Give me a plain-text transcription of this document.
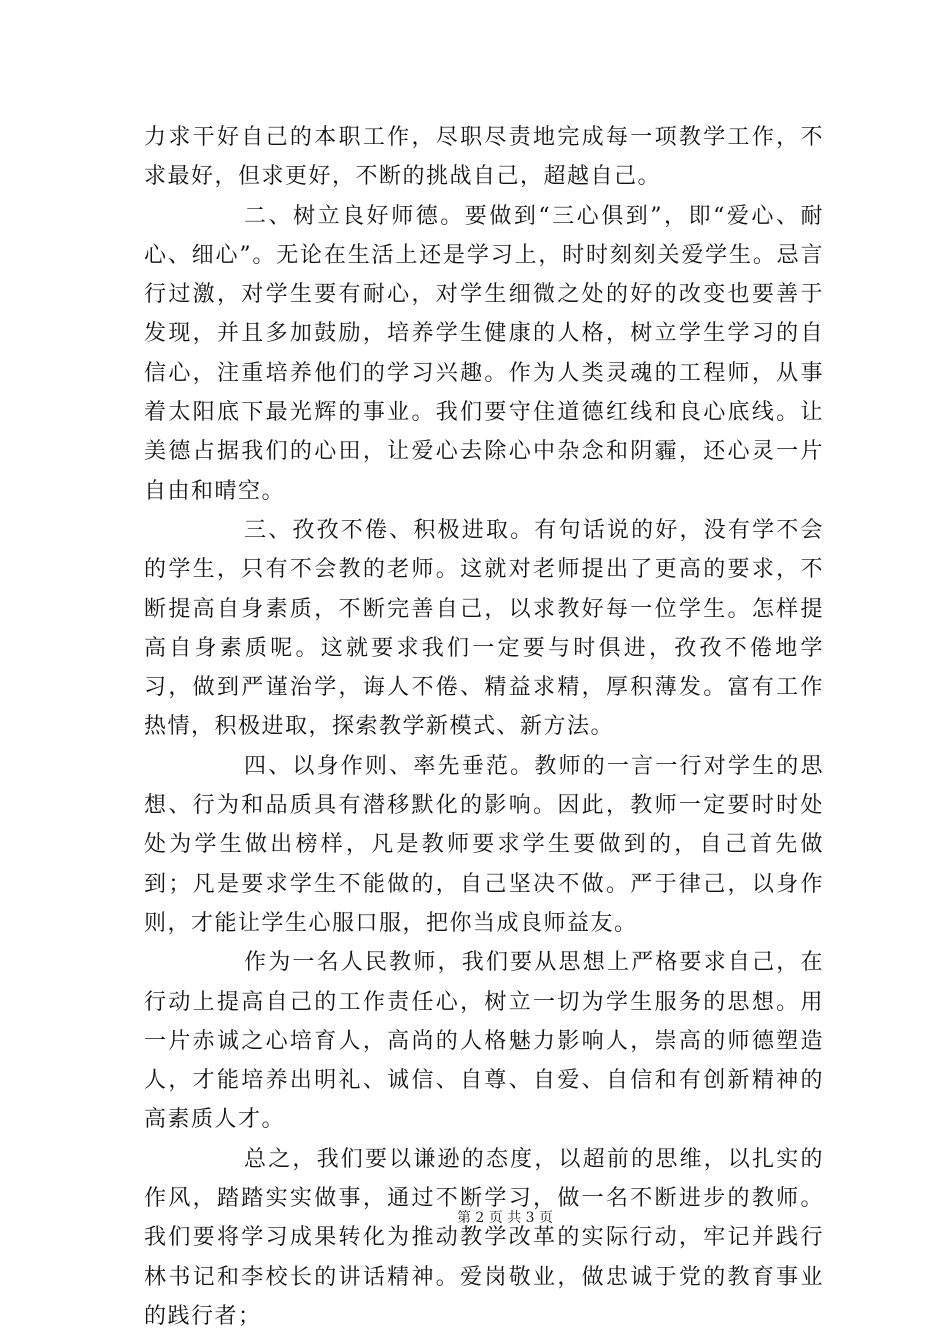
力求干好自己的本职工作，尽职尽责地完成每一项教学工作，不求最好，但求更好，不断的挑战自己，超越自己。

二、树立良好师德。要做到“三心俱到”，即“爱心、耐心、细心”。无论在生活上还是学习上，时时刻刻关爱学生。忌言行过激，对学生要有耐心，对学生细微之处的好的改变也要善于发现，并且多加鼓励，培养学生健康的人格，树立学生学习的自信心，注重培养他们的学习兴趣。作为人类灵魂的工程师，从事着太阳底下最光辉的事业。我们要守住道德红线和良心底线。让美德占据我们的心田，让爱心去除心中杂念和阴霾，还心灵一片自由和晴空。

三、孜孜不倦、积极进取。有句话说的好，没有学不会的学生，只有不会教的老师。这就对老师提出了更高的要求，不断提高自身素质，不断完善自己，以求教好每一位学生。怎样提高自身素质呢。这就要求我们一定要与时俱进，孜孜不倦地学习，做到严谨治学，诲人不倦、精益求精，厚积薄发。富有工作热情，积极进取，探索教学新模式、新方法。

四、以身作则、率先垂范。教师的一言一行对学生的思想、行为和品质具有潜移默化的影响。因此，教师一定要时时处处为学生做出榜样，凡是教师要求学生要做到的，自己首先做到；凡是要求学生不能做的，自己坚决不做。严于律己，以身作则，才能让学生心服口服，把你当成良师益友。

作为一名人民教师，我们要从思想上严格要求自己，在行动上提高自己的工作责任心，树立一切为学生服务的思想。用一片赤诚之心培育人，高尚的人格魅力影响人，崇高的师德塑造人，才能培养出明礼、诚信、自尊、自爱、自信和有创新精神的高素质人才。

总之，我们要以谦逊的态度，以超前的思维，以扎实的作风，踏踏实实做事，通过不断学习，做一名不断进步的教师。我们要将学习成果转化为推动教学改革的实际行动，牢记并践行林书记和李校长的讲话精神。爱岗敬业，做忠诚于党的教育事业的践行者；

第 2 页 共 3 页
